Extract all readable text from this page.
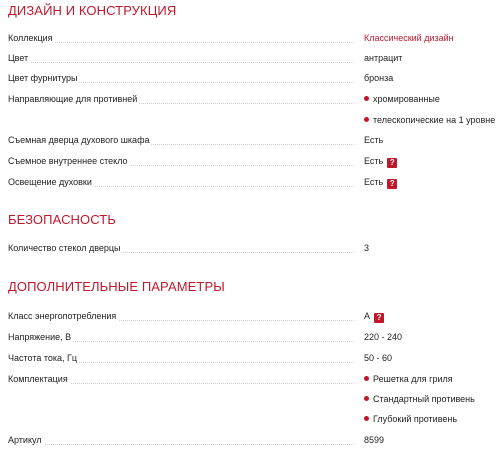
ДИЗАЙН И КОНСТРУКЦИЯ
Коллекция	Классический дизайн
Цвет	антрацит
Цвет фурнитуры	бронза
Направляющие для противней	хромированные
телескопические на 1 уровне
Съемная дверца духового шкафа	Есть
Съемное внутреннее стекло	Есть ?
Освещение духовки	Есть ?
БЕЗОПАСНОСТЬ
Количество стекол дверцы	3
ДОПОЛНИТЕЛЬНЫЕ ПАРАМЕТРЫ
Класс энергопотребления	A ?
Напряжение, В	220 - 240
Частота тока, Гц	50 - 60
Комплектация	Решетка для гриля
Стандартный противень
Глубокий противень
Артикул	8599
